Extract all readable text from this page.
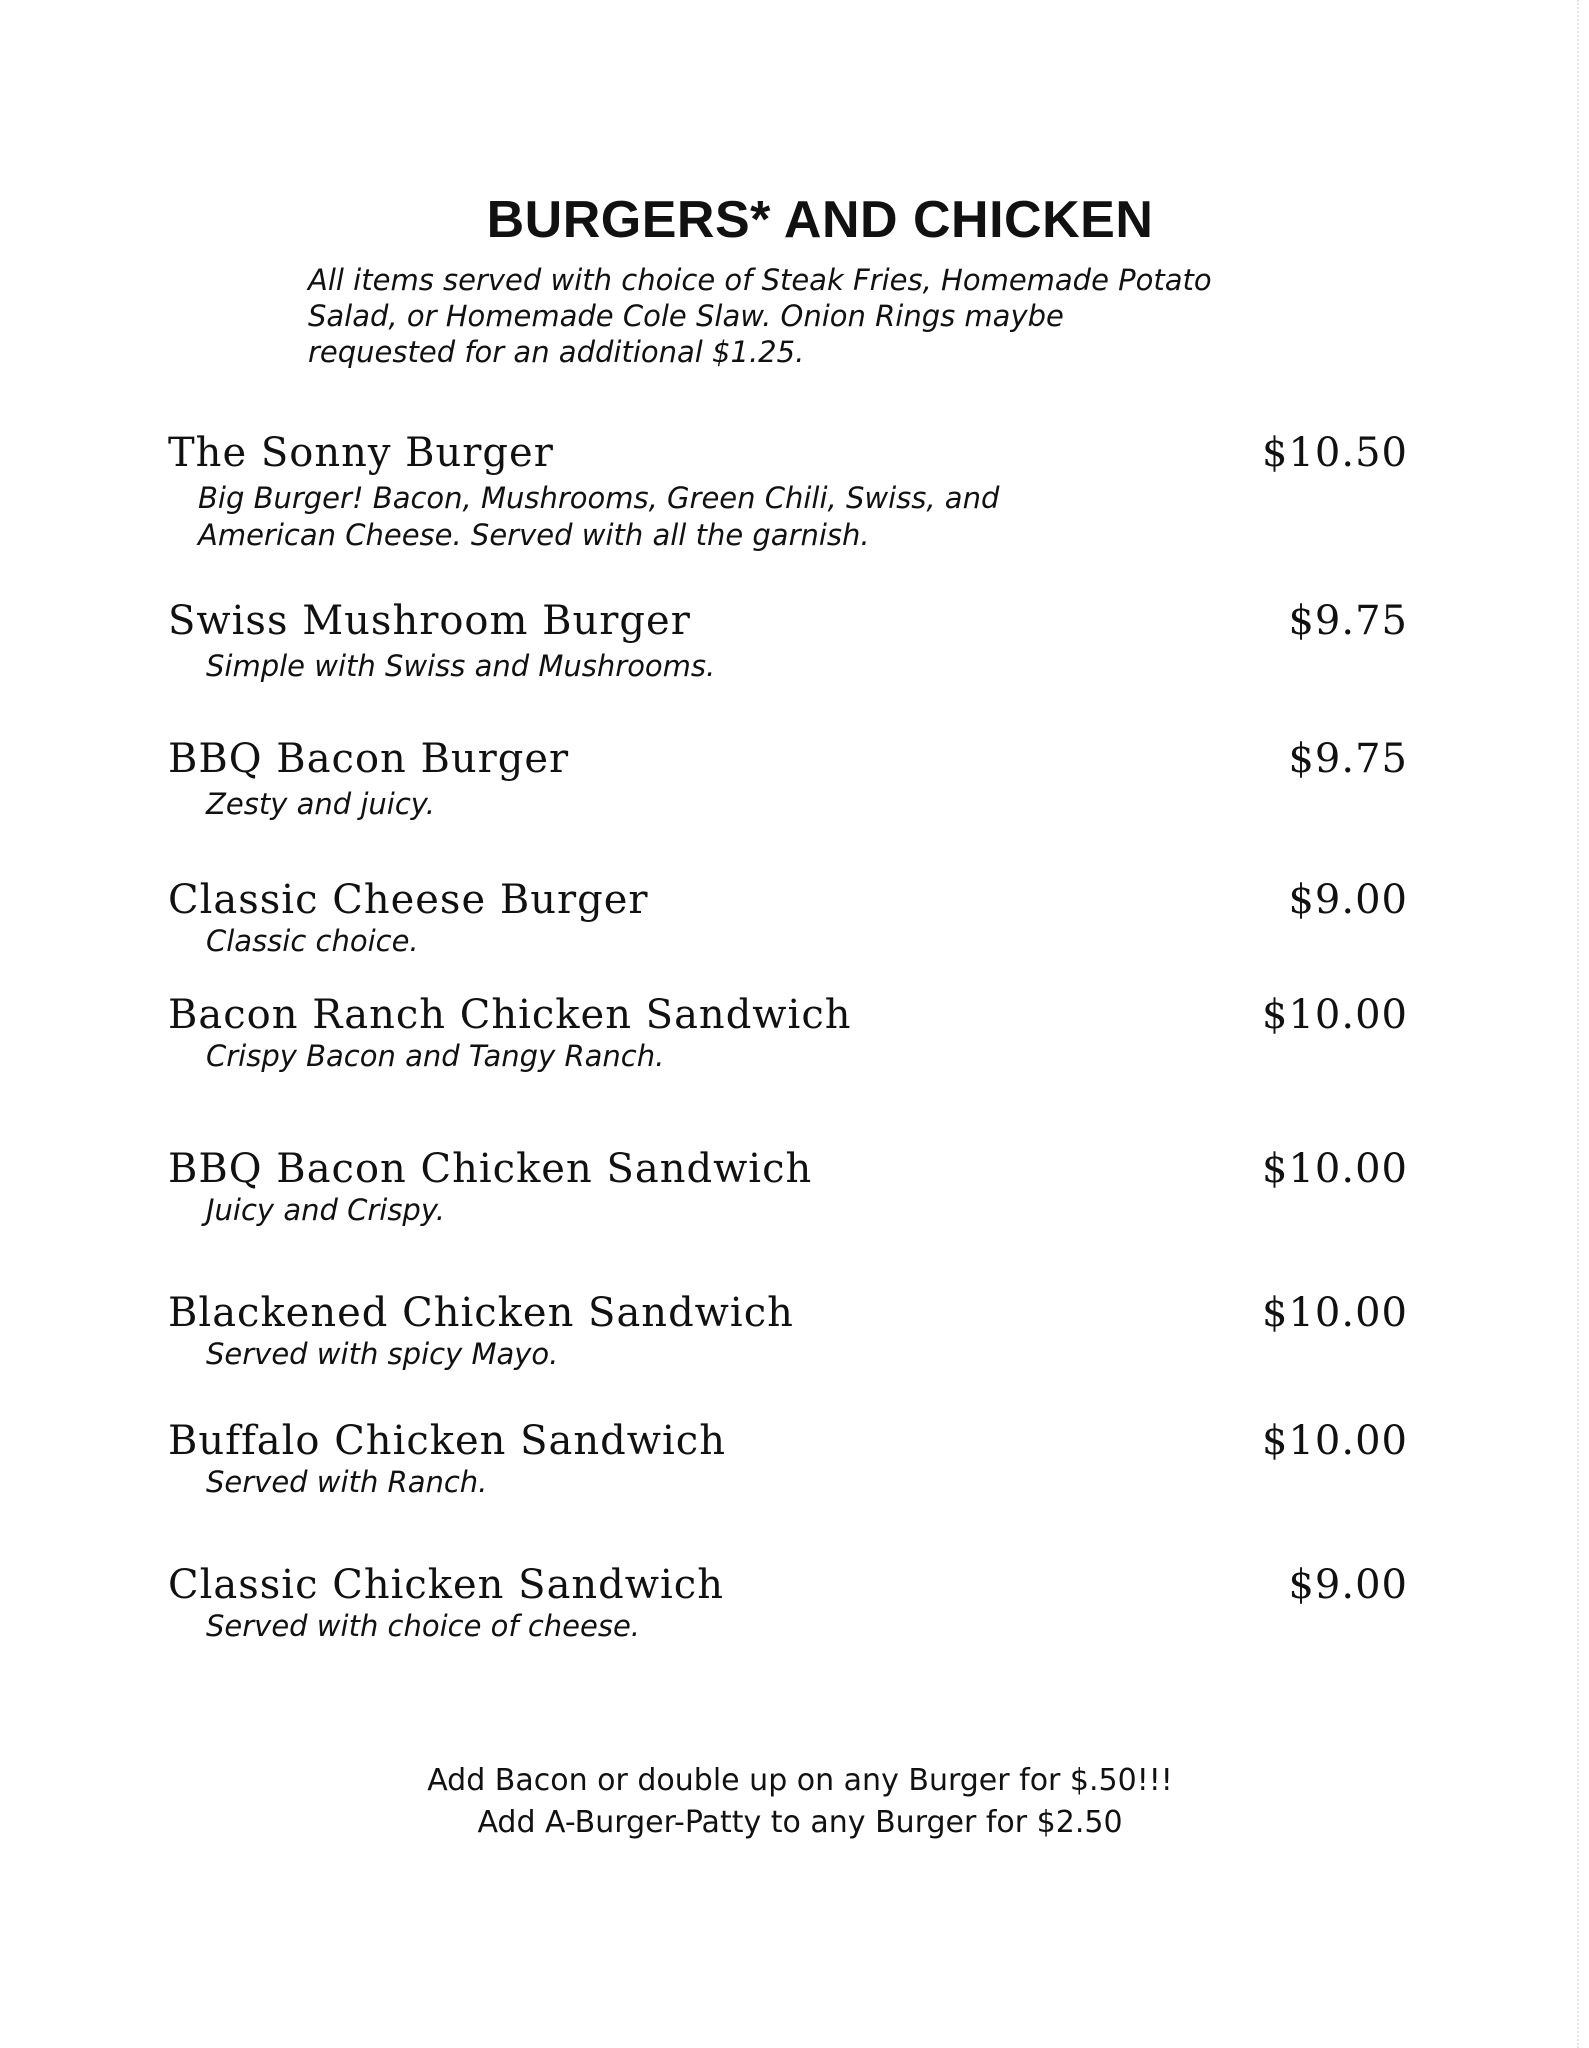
BURGERS* AND CHICKEN

All items served with choice of Steak Fries, Homemade Potato
Salad, or Homemade Cole Slaw. Onion Rings maybe
requested for an additional $1.25.

The Sonny Burger	$10.50
Big Burger! Bacon, Mushrooms, Green Chili, Swiss, and
American Cheese. Served with all the garnish.
Swiss Mushroom Burger	$9.75
Simple with Swiss and Mushrooms.
BBQ Bacon Burger	$9.75
Zesty and juicy.
Classic Cheese Burger	$9.00
Classic choice.
Bacon Ranch Chicken Sandwich	$10.00
Crispy Bacon and Tangy Ranch.
BBQ Bacon Chicken Sandwich	$10.00
Juicy and Crispy.
Blackened Chicken Sandwich	$10.00
Served with spicy Mayo.
Buffalo Chicken Sandwich	$10.00
Served with Ranch.
Classic Chicken Sandwich	$9.00
Served with choice of cheese.
Add Bacon or double up on any Burger for $.50!!!
Add A-Burger-Patty to any Burger for $2.50
